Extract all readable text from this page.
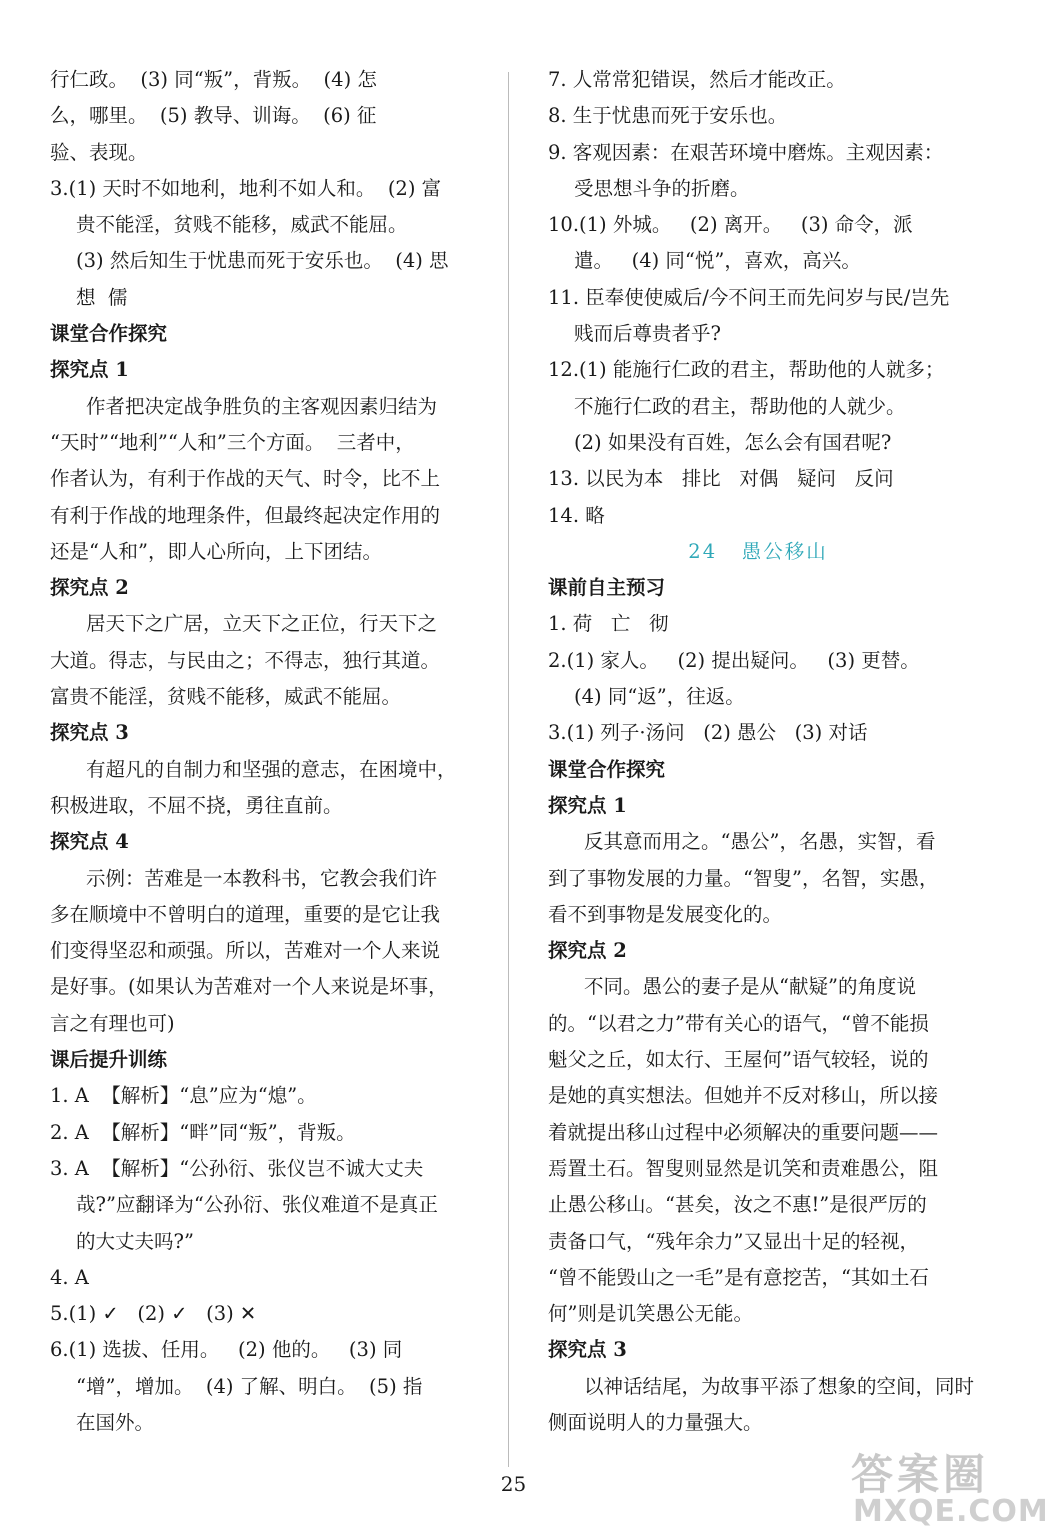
行仁政。  (3) 同“叛”，背叛。  (4) 怎
么，哪里。  (5) 教导、训诲。  (6) 征
验、表现。
3.(1) 天时不如地利，地利不如人和。  (2) 富
贵不能淫，贫贱不能移，威武不能屈。
(3) 然后知生于忧患而死于安乐也。  (4) 思
想  儒
课堂合作探究
探究点 1
作者把决定战争胜负的主客观因素归结为
“天时”“地利”“人和”三个方面。  三者中，
作者认为，有利于作战的天气、时令，比不上
有利于作战的地理条件，但最终起决定作用的
还是“人和”，即人心所向，上下团结。
探究点 2
居天下之广居，立天下之正位，行天下之
大道。得志，与民由之；不得志，独行其道。
富贵不能淫，贫贱不能移，威武不能屈。
探究点 3
有超凡的自制力和坚强的意志，在困境中，
积极进取，不屈不挠，勇往直前。
探究点 4
示例：苦难是一本教科书，它教会我们许
多在顺境中不曾明白的道理，重要的是它让我
们变得坚忍和顽强。所以，苦难对一个人来说
是好事。(如果认为苦难对一个人来说是坏事，
言之有理也可)
课后提升训练
1. A  【解析】“息”应为“熄”。
2. A  【解析】“畔”同“叛”，背叛。
3. A  【解析】“公孙衍、张仪岂不诚大丈夫
哉?”应翻译为“公孙衍、张仪难道不是真正
的大丈夫吗?”
4. A
5.(1) ✓   (2) ✓   (3) ✕
6.(1) 选拔、任用。   (2) 他的。   (3) 同
“增”，增加。  (4) 了解、明白。  (5) 指
在国外。
7. 人常常犯错误，然后才能改正。
8. 生于忧患而死于安乐也。
9. 客观因素：在艰苦环境中磨炼。主观因素：
受思想斗争的折磨。
10.(1) 外城。   (2) 离开。   (3) 命令，派
遣。   (4) 同“悦”，喜欢，高兴。
11. 臣奉使使威后/今不问王而先问岁与民/岂先
贱而后尊贵者乎?
12.(1) 能施行仁政的君主，帮助他的人就多；
不施行仁政的君主，帮助他的人就少。
(2) 如果没有百姓，怎么会有国君呢?
13. 以民为本   排比   对偶   疑问   反问
14. 略
24   愚公移山
课前自主预习
1. 荷   亡   彻
2.(1) 家人。   (2) 提出疑问。   (3) 更替。
(4) 同“返”，往返。
3.(1) 列子·汤问   (2) 愚公   (3) 对话
课堂合作探究
探究点 1
反其意而用之。“愚公”，名愚，实智，看
到了事物发展的力量。“智叟”，名智，实愚，
看不到事物是发展变化的。
探究点 2
不同。愚公的妻子是从“献疑”的角度说
的。“以君之力”带有关心的语气，“曾不能损
魁父之丘，如太行、王屋何”语气较轻，说的
是她的真实想法。但她并不反对移山，所以接
着就提出移山过程中必须解决的重要问题——
焉置土石。智叟则显然是讥笑和责难愚公，阻
止愚公移山。“甚矣，汝之不惠!”是很严厉的
责备口气，“残年余力”又显出十足的轻视，
“曾不能毁山之一毛”是有意挖苦，“其如土石
何”则是讥笑愚公无能。
探究点 3
以神话结尾，为故事平添了想象的空间，同时
侧面说明人的力量强大。
25	答案圈
MXQE.COM
